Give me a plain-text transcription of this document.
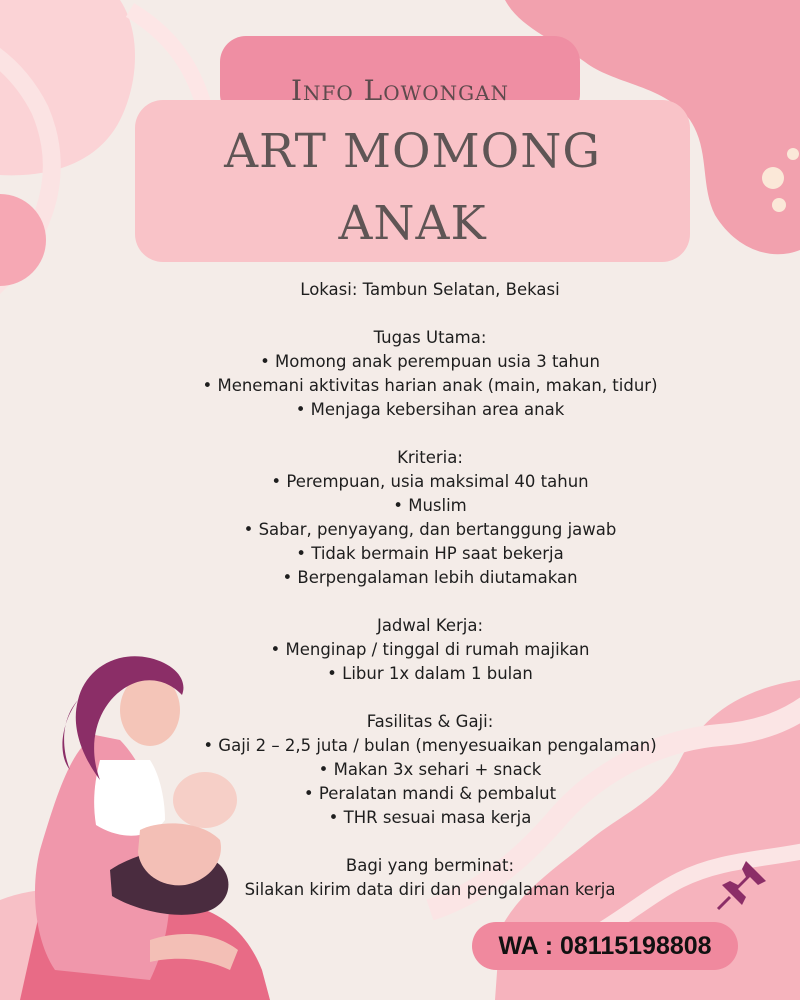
Info Lowongan
ART MOMONG
ANAK
Lokasi: Tambun Selatan, Bekasi
Tugas Utama:
• Momong anak perempuan usia 3 tahun
• Menemani aktivitas harian anak (main, makan, tidur)
• Menjaga kebersihan area anak
Kriteria:
• Perempuan, usia maksimal 40 tahun
• Muslim
• Sabar, penyayang, dan bertanggung jawab
• Tidak bermain HP saat bekerja
• Berpengalaman lebih diutamakan
Jadwal Kerja:
• Menginap / tinggal di rumah majikan
• Libur 1x dalam 1 bulan
Fasilitas & Gaji:
• Gaji 2 – 2,5 juta / bulan (menyesuaikan pengalaman)
• Makan 3x sehari + snack
• Peralatan mandi & pembalut
• THR sesuai masa kerja
Bagi yang berminat:
Silakan kirim data diri dan pengalaman kerja
WA : 08115198808
